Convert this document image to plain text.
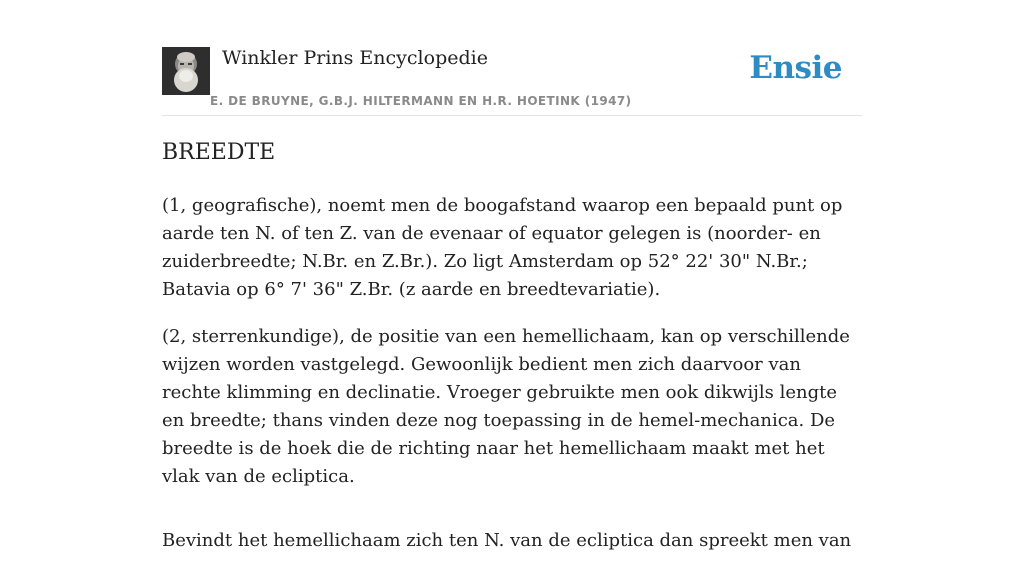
Winkler Prins Encyclopedie
E. DE BRUYNE, G.B.J. HILTERMANN EN H.R. HOETINK (1947)
Ensie
BREEDTE

(1, geografische), noemt men de boogafstand waarop een bepaald punt op aarde ten N. of ten Z. van de evenaar of equator gelegen is (noorder- en zuiderbreedte; N.Br. en Z.Br.). Zo ligt Amsterdam op 52° 22' 30" N.Br.; Batavia op 6° 7' 36" Z.Br. (z aarde en breedtevariatie).

(2, sterrenkundige), de positie van een hemellichaam, kan op verschillende wijzen worden vastgelegd. Gewoonlijk bedient men zich daarvoor van rechte klimming en declinatie. Vroeger gebruikte men ook dikwijls lengte en breedte; thans vinden deze nog toepassing in de hemel-mechanica. De breedte is de hoek die de richting naar het hemellichaam maakt met het vlak van de ecliptica.

Bevindt het hemellichaam zich ten N. van de ecliptica dan spreekt men van
